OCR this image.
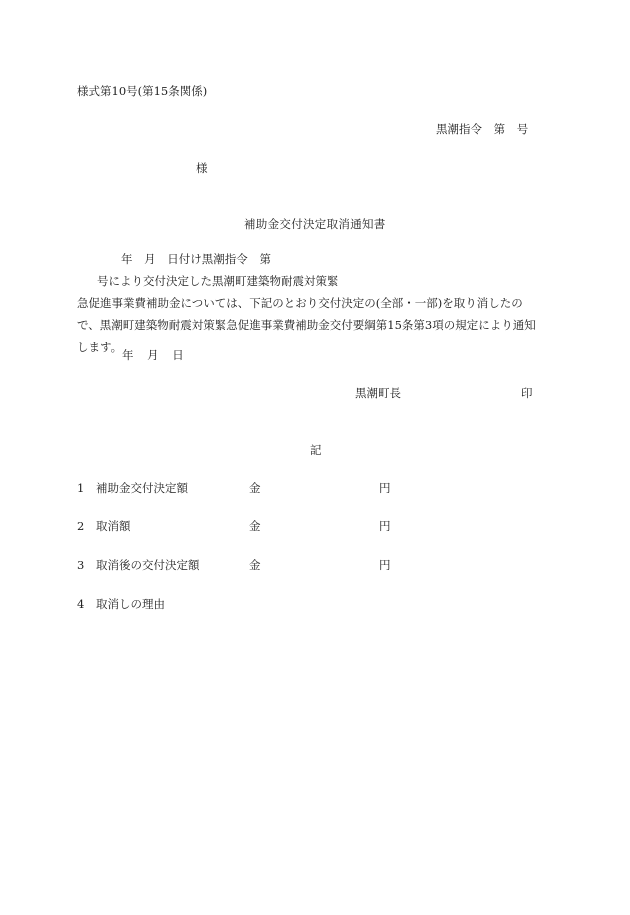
様式第10号(第15条関係)
黒潮指令 第 号
様
補助金交付決定取消通知書
年 月 日付け黒潮指令 第
号により交付決定した黒潮町建築物耐震対策緊
急促進事業費補助金については、下記のとおり交付決定の(全部・一部)を取り消したの
で、黒潮町建築物耐震対策緊急促進事業費補助金交付要綱第15条第3項の規定により通知
します。
年 月 日
黒潮町長	印
記
1 補助金交付決定額	金	円
2 取消額	金	円
3 取消後の交付決定額	金	円
4 取消しの理由
